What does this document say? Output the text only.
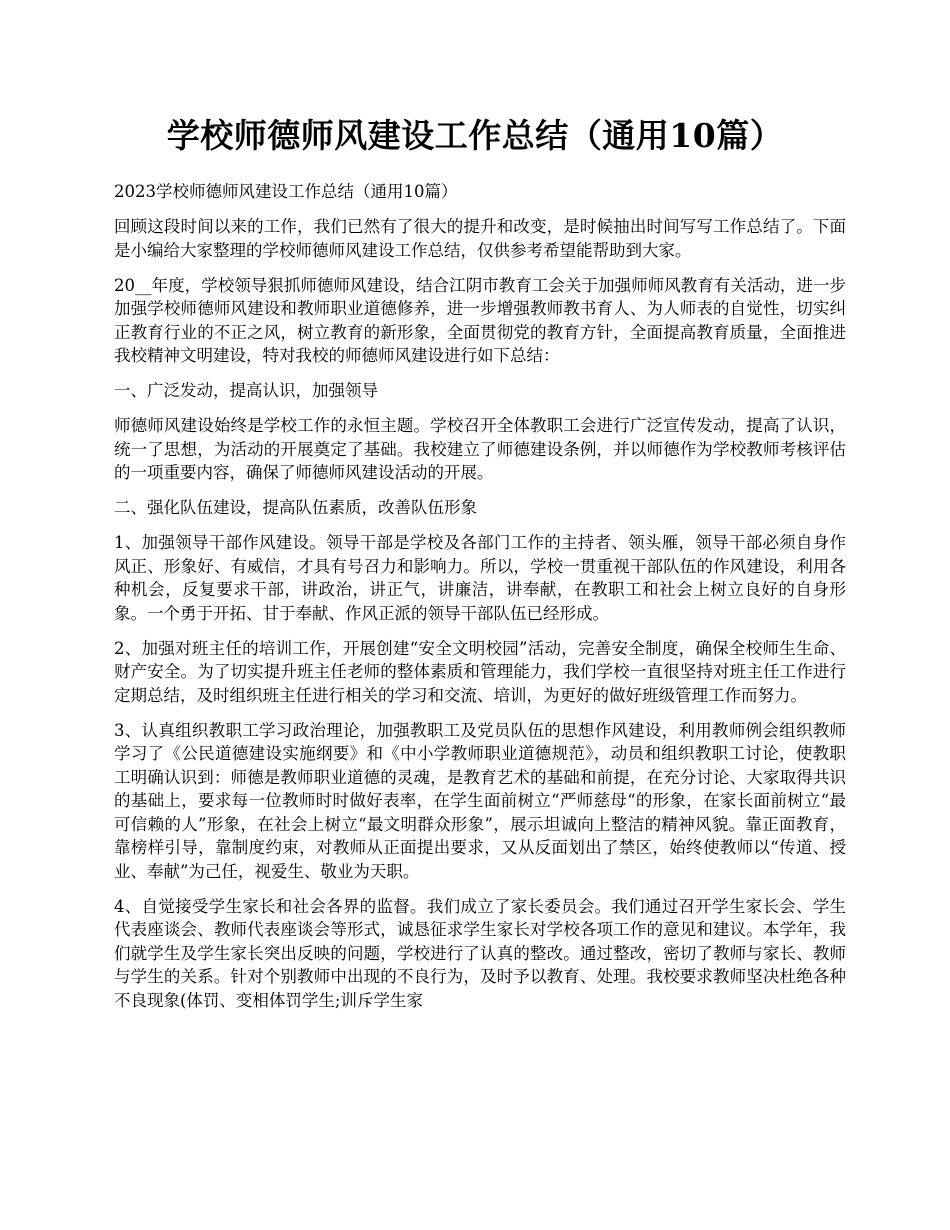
学校师德师风建设工作总结（通用10篇）

2023学校师德师风建设工作总结（通用10篇）

回顾这段时间以来的工作，我们已然有了很大的提升和改变，是时候抽出时间写写工作总结了。下面是小编给大家整理的学校师德师风建设工作总结，仅供参考希望能帮助到大家。

20__年度，学校领导狠抓师德师风建设，结合江阴市教育工会关于加强师师风教育有关活动，进一步加强学校师德师风建设和教师职业道德修养，进一步增强教师教书育人、为人师表的自觉性，切实纠正教育行业的不正之风，树立教育的新形象，全面贯彻党的教育方针，全面提高教育质量，全面推进我校精神文明建设，特对我校的师德师风建设进行如下总结：

一、广泛发动，提高认识，加强领导

师德师风建设始终是学校工作的永恒主题。学校召开全体教职工会进行广泛宣传发动，提高了认识，统一了思想，为活动的开展奠定了基础。我校建立了师德建设条例，并以师德作为学校教师考核评估的一项重要内容，确保了师德师风建设活动的开展。

二、强化队伍建设，提高队伍素质，改善队伍形象

1、加强领导干部作风建设。领导干部是学校及各部门工作的主持者、领头雁，领导干部必须自身作风正、形象好、有威信，才具有号召力和影响力。所以，学校一贯重视干部队伍的作风建设，利用各种机会，反复要求干部，讲政治，讲正气，讲廉洁，讲奉献，在教职工和社会上树立良好的自身形象。一个勇于开拓、甘于奉献、作风正派的领导干部队伍已经形成。

2、加强对班主任的培训工作，开展创建“安全文明校园”活动，完善安全制度，确保全校师生生命、财产安全。为了切实提升班主任老师的整体素质和管理能力，我们学校一直很坚持对班主任工作进行定期总结，及时组织班主任进行相关的学习和交流、培训，为更好的做好班级管理工作而努力。

3、认真组织教职工学习政治理论，加强教职工及党员队伍的思想作风建设，利用教师例会组织教师学习了《公民道德建设实施纲要》和《中小学教师职业道德规范》，动员和组织教职工讨论，使教职工明确认识到：师德是教师职业道德的灵魂，是教育艺术的基础和前提，在充分讨论、大家取得共识的基础上，要求每一位教师时时做好表率，在学生面前树立“严师慈母“的形象，在家长面前树立“最可信赖的人”形象，在社会上树立“最文明群众形象”，展示坦诚向上整洁的精神风貌。靠正面教育，靠榜样引导，靠制度约束，对教师从正面提出要求，又从反面划出了禁区，始终使教师以“传道、授业、奉献”为己任，视爱生、敬业为天职。

4、自觉接受学生家长和社会各界的监督。我们成立了家长委员会。我们通过召开学生家长会、学生代表座谈会、教师代表座谈会等形式，诚恳征求学生家长对学校各项工作的意见和建议。本学年，我们就学生及学生家长突出反映的问题，学校进行了认真的整改。通过整改，密切了教师与家长、教师与学生的关系。针对个别教师中出现的不良行为，及时予以教育、处理。我校要求教师坚决杜绝各种不良现象(体罚、变相体罚学生;训斥学生家
